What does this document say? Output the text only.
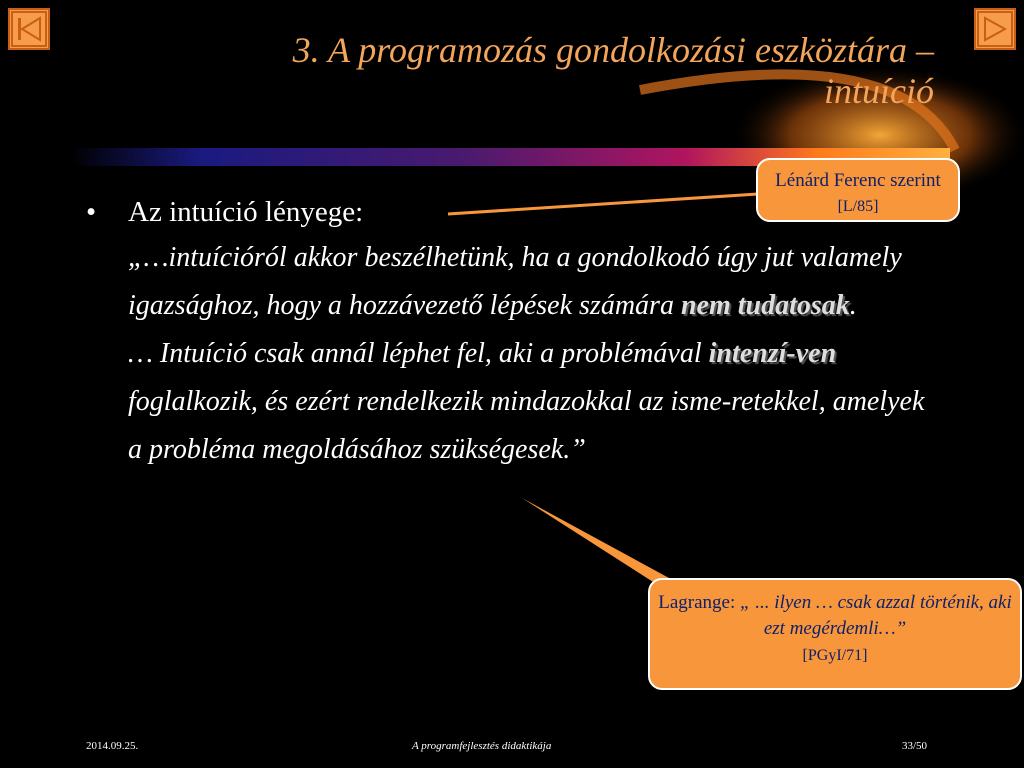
3. A programozás gondolkozási eszköztára –
intuíció
• Az intuíció lényege:
„…intuícióról akkor beszélhetünk, ha a gondolkodó úgy jut valamely igazsághoz, hogy a hozzávezető lépések számára nem tudatosak.
… Intuíció csak annál léphet fel, aki a problémával intenzí-ven foglalkozik, és ezért rendelkezik mindazokkal az isme-retekkel, amelyek a probléma megoldásához szükségesek.”
Lénárd Ferenc szerint [L/85]
Lagrange: „ ... ilyen … csak azzal történik, aki ezt megérdemli…”
[PGyI/71]
2014.09.25.	A programfejlesztés didaktikája	33/50
